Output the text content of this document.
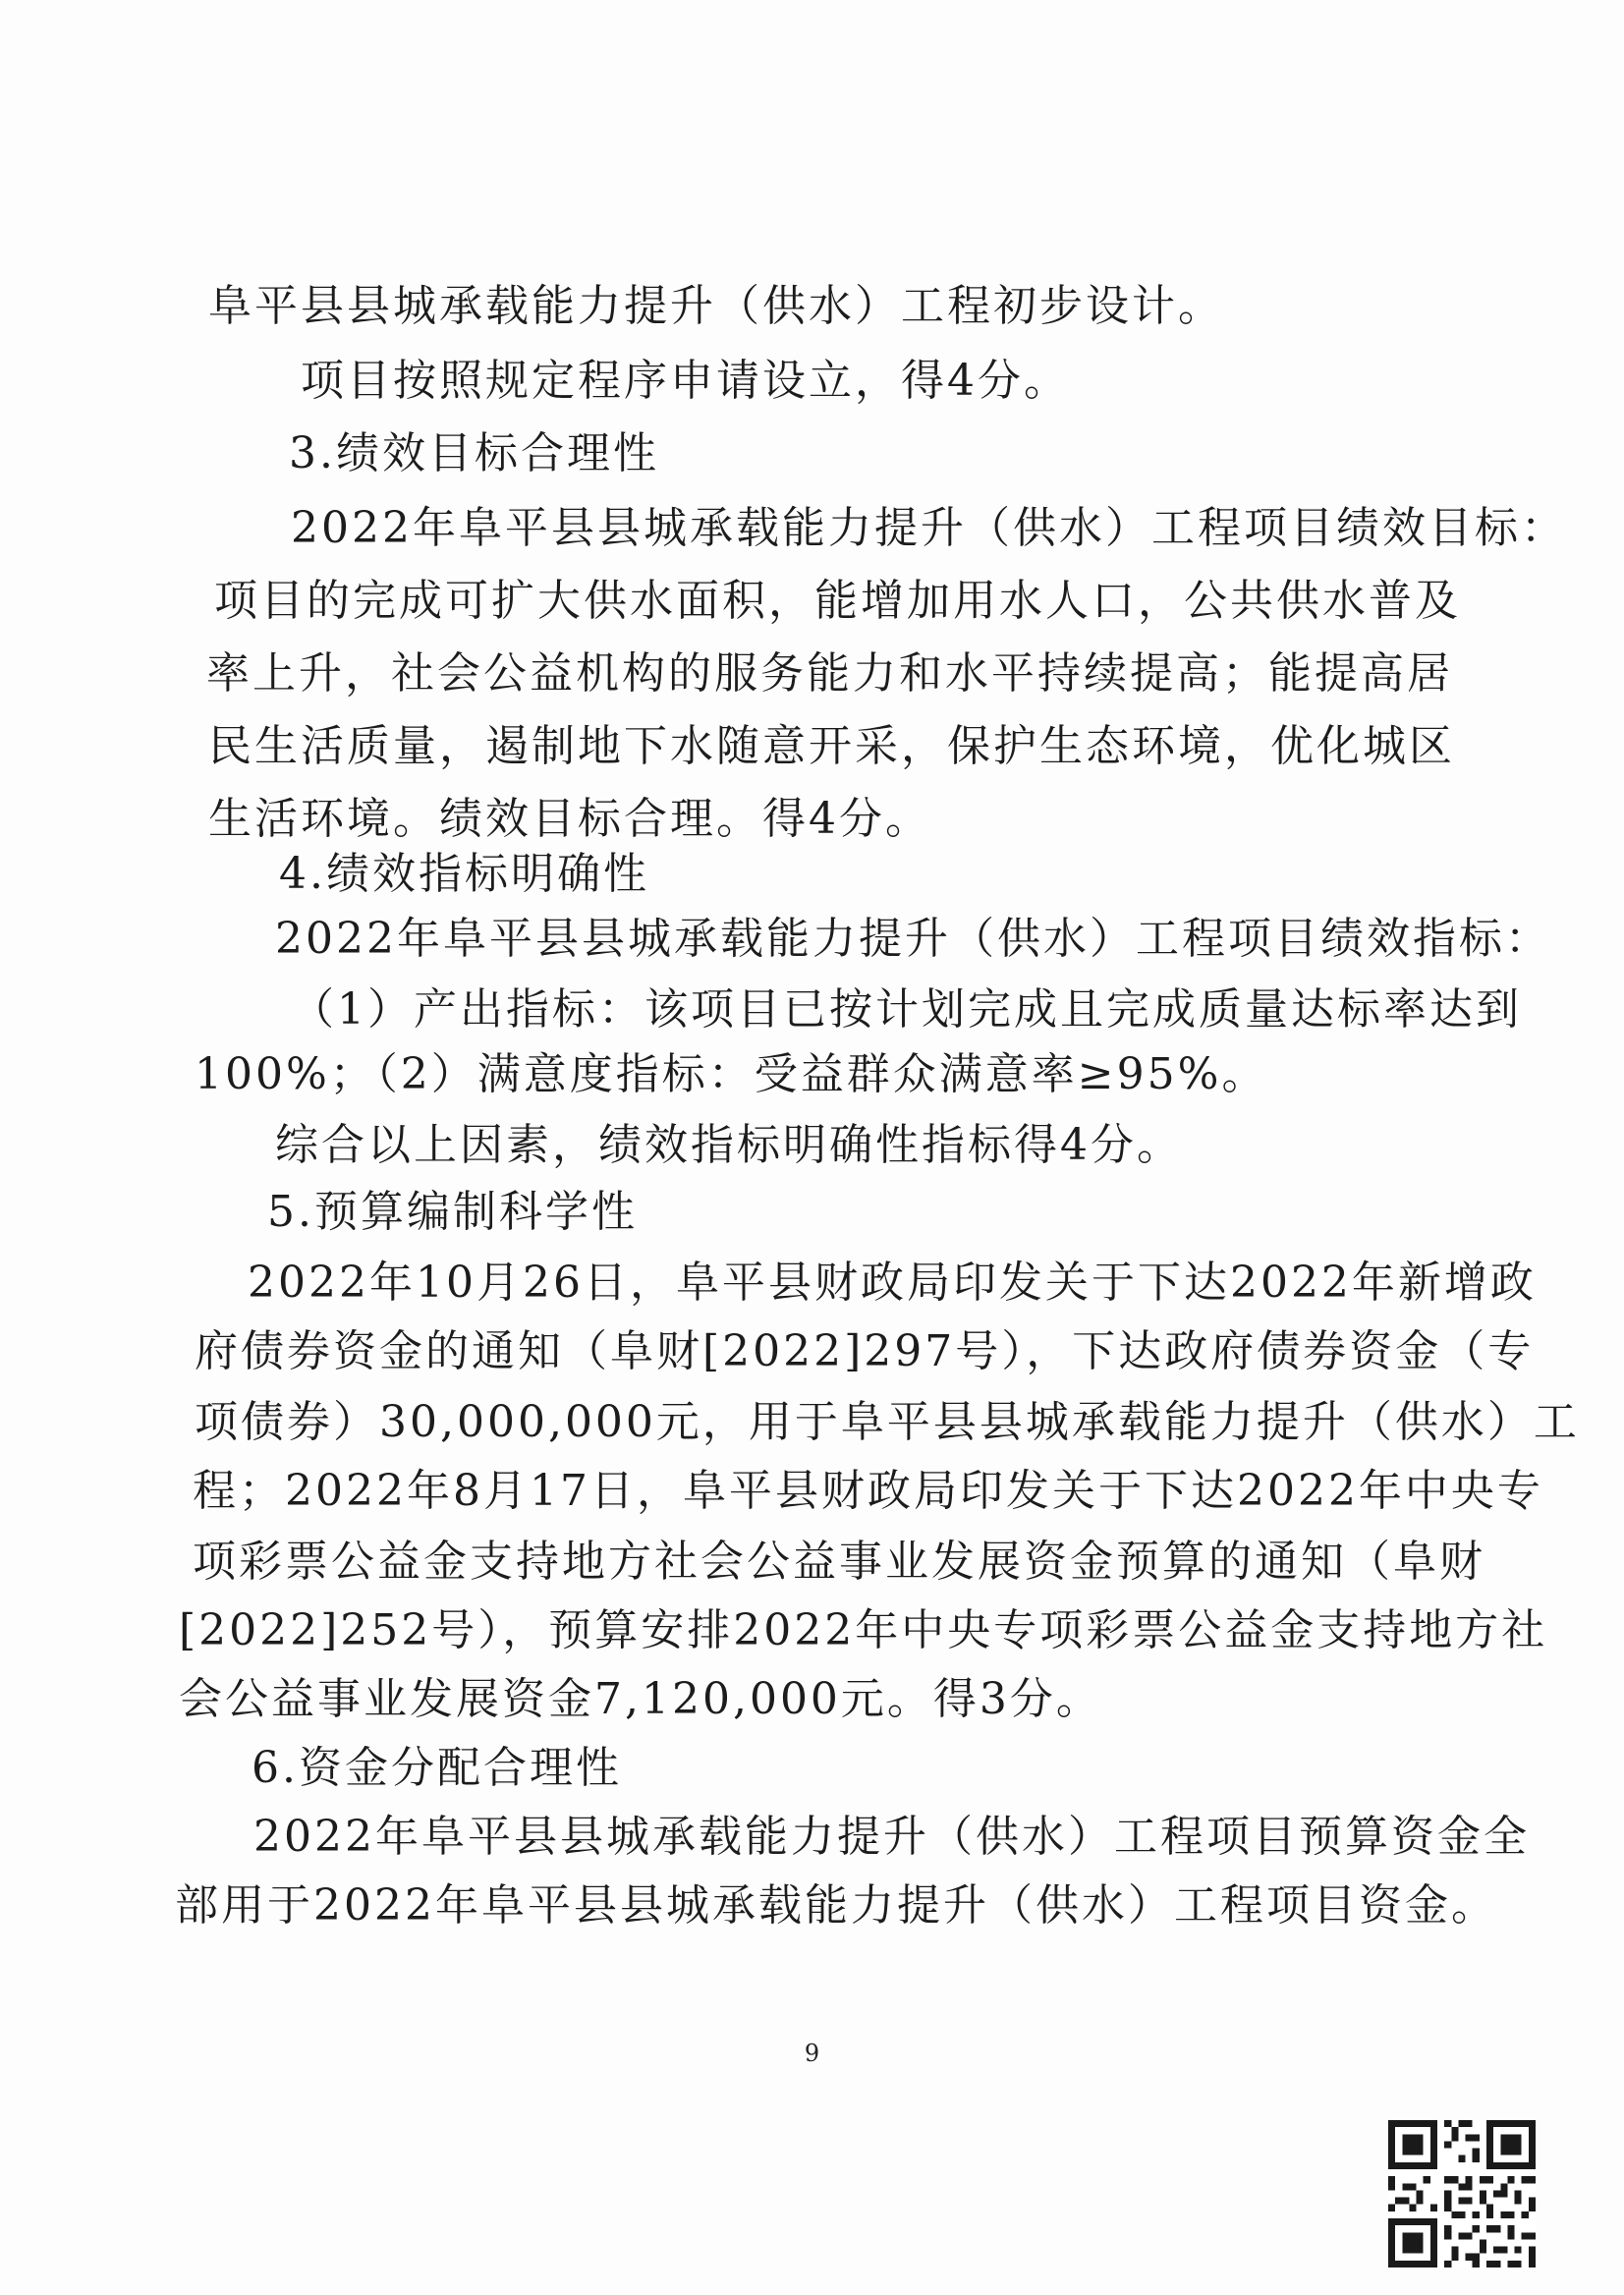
阜平县县城承载能力提升（供水）工程初步设计。
项目按照规定程序申请设立，得4分。
3.绩效目标合理性
2022年阜平县县城承载能力提升（供水）工程项目绩效目标：
项目的完成可扩大供水面积，能增加用水人口，公共供水普及
率上升，社会公益机构的服务能力和水平持续提高；能提高居
民生活质量，遏制地下水随意开采，保护生态环境，优化城区
生活环境。绩效目标合理。得4分。
4.绩效指标明确性
2022年阜平县县城承载能力提升（供水）工程项目绩效指标：
（1）产出指标：该项目已按计划完成且完成质量达标率达到
100%；（2）满意度指标：受益群众满意率≥95%。
综合以上因素，绩效指标明确性指标得4分。
5.预算编制科学性
2022年10月26日，阜平县财政局印发关于下达2022年新增政
府债券资金的通知（阜财[2022]297号），下达政府债券资金（专
项债券）30,000,000元，用于阜平县县城承载能力提升（供水）工
程；2022年8月17日，阜平县财政局印发关于下达2022年中央专
项彩票公益金支持地方社会公益事业发展资金预算的通知（阜财
[2022]252号），预算安排2022年中央专项彩票公益金支持地方社
会公益事业发展资金7,120,000元。得3分。
6.资金分配合理性
2022年阜平县县城承载能力提升（供水）工程项目预算资金全
部用于2022年阜平县县城承载能力提升（供水）工程项目资金。
9
